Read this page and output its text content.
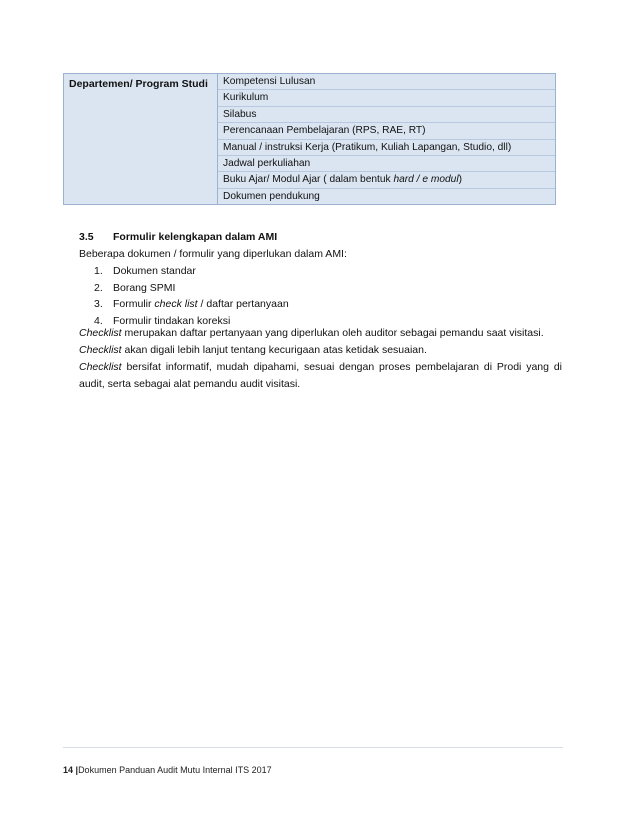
Departemen/ Program Studi	Kompetensi Lulusan
Kurikulum
Silabus
Perencanaan Pembelajaran (RPS, RAE, RT)
Manual / instruksi Kerja (Pratikum, Kuliah Lapangan, Studio, dll)
Jadwal perkuliahan
Buku Ajar/ Modul Ajar ( dalam bentuk hard / e modul)
Dokumen pendukung
3.5 Formulir kelengkapan dalam AMI
Beberapa dokumen / formulir yang diperlukan dalam AMI:
1. Dokumen standar
2. Borang SPMI
3. Formulir check list / daftar pertanyaan
4. Formulir tindakan koreksi
Checklist merupakan daftar pertanyaan yang diperlukan oleh auditor sebagai pemandu saat visitasi.
Checklist akan digali lebih lanjut tentang kecurigaan atas ketidak sesuaian.
Checklist bersifat informatif, mudah dipahami, sesuai dengan proses pembelajaran di Prodi yang di audit, serta sebagai alat pemandu audit visitasi.
14 |Dokumen Panduan Audit Mutu Internal ITS 2017
